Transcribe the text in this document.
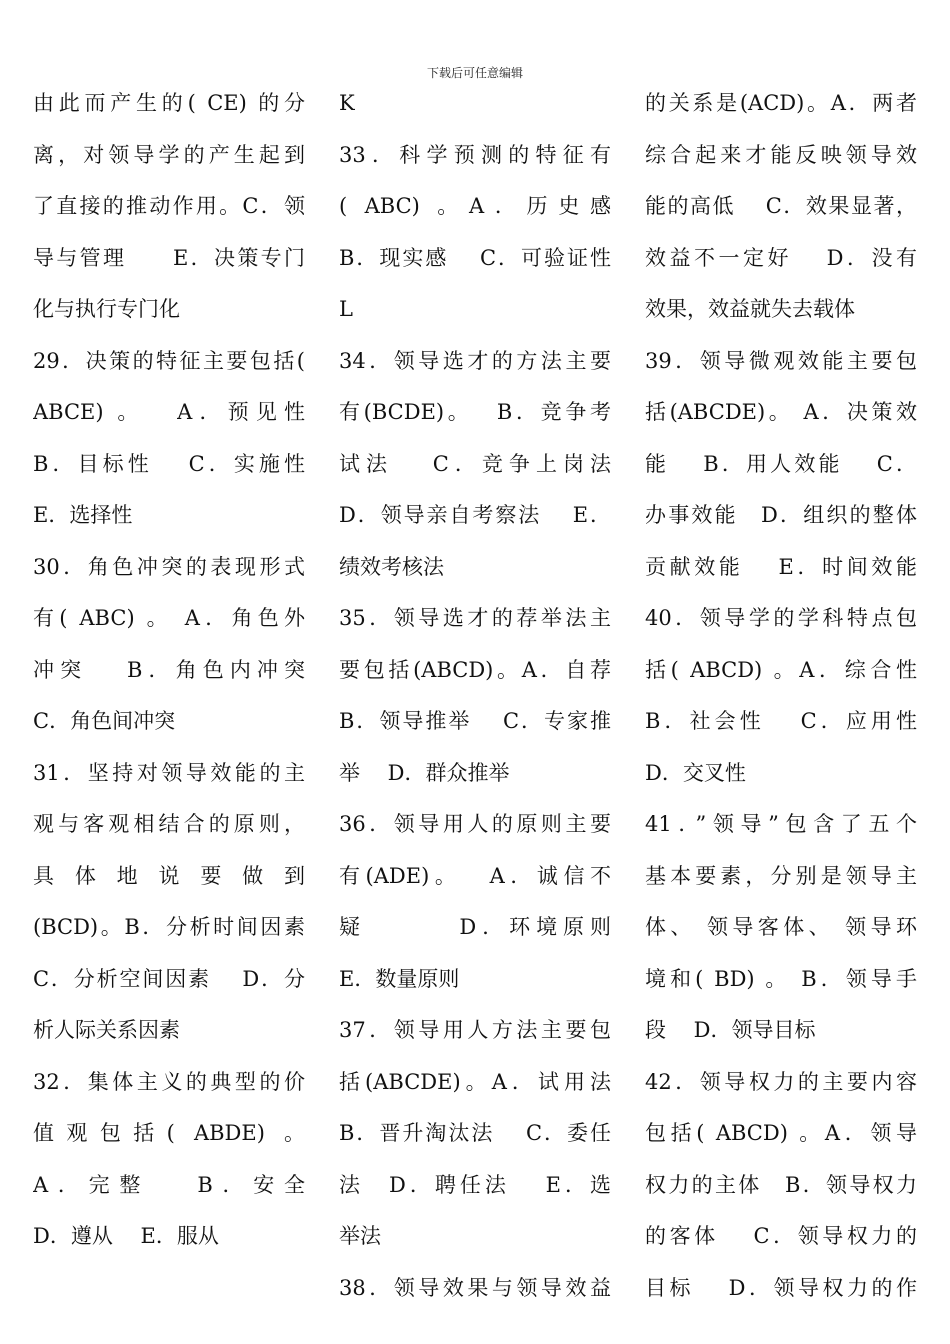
下载后可任意编辑
由此而产生的( CE) 的分
离，对领导学的产生起到
了直接的推动作用。C．领
导与管理　　E．决策专门
化与执行专门化
29．决策的特征主要包括(
ABCE) 。　 A．预见性
B．目标性　 C．实施性
E．选择性
30．角色冲突的表现形式
有( ABC) 。 A．角色外
冲突　 B．角色内冲突
C．角色间冲突
31．坚持对领导效能的主
观与客观相结合的原则，
具体地说要做到
(BCD)。B．分析时间因素
C．分析空间因素　 D．分
析人际关系因素
32．集体主义的典型的价
值观包括( ABDE) 。
A．完整　 B．安全
D．遵从　 E．服从
K
33．科学预测的特征有
( ABC) 。A．历史感
B．现实感　 C．可验证性
L
34．领导选才的方法主要
有(BCDE)。　 B．竞争考
试法　 C．竞争上岗法
D．领导亲自考察法　 E．
绩效考核法
35．领导选才的荐举法主
要包括(ABCD)。A．自荐
B．领导推举　 C．专家推
举　 D．群众推举
36．领导用人的原则主要
有(ADE)。　 A．诚信不
疑　　　 D．环境原则
E．数量原则
37．领导用人方法主要包
括(ABCDE)。A．试用法
B．晋升淘汰法　 C．委任
法　D．聘任法　 E．选
举法
38．领导效果与领导效益
的关系是(ACD)。A．两者
综合起来才能反映领导效
能的高低　 C．效果显著，
效益不一定好　 D．没有
效果，效益就失去载体
39．领导微观效能主要包
括(ABCDE)。 A．决策效
能　 B．用人效能　 C．
办事效能　D．组织的整体
贡献效能　 E．时间效能
40．领导学的学科特点包
括( ABCD) 。A．综合性
B．社会性　 C．应用性
D．交叉性
41．”领导”包含了五个
基本要素，分别是领导主
体、 领导客体、 领导环
境和( BD) 。 B．领导手
段　 D．领导目标
42．领导权力的主要内容
包括( ABCD) 。A．领导
权力的主体　B．领导权力
的客体　 C．领导权力的
目标　 D．领导权力的作
